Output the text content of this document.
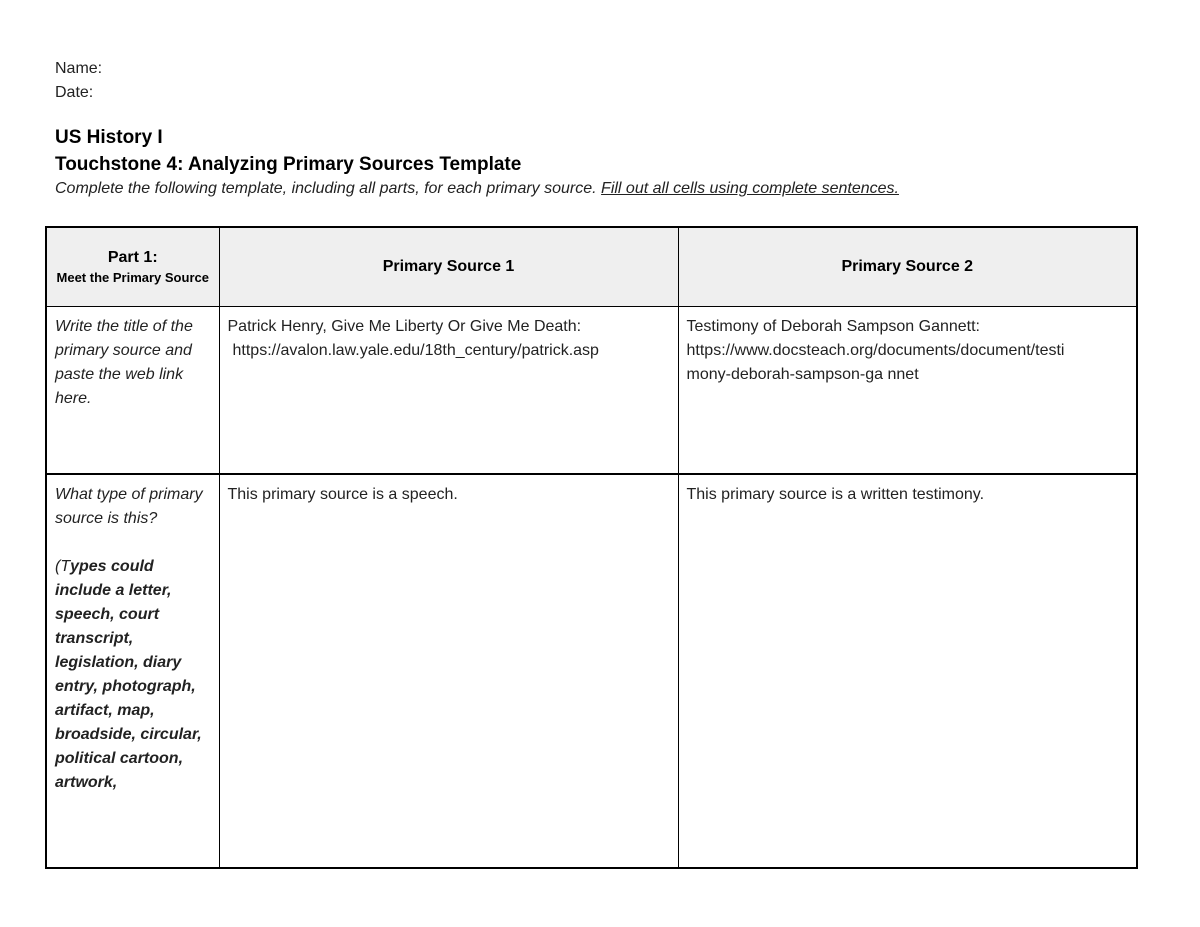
Name:
Date:

US History I

Touchstone 4: Analyzing Primary Sources Template

Complete the following template, including all parts, for each primary source. Fill out all cells using complete sentences.

Part 1:
Meet the Primary Source	Primary Source 1	Primary Source 2
Write the title of the primary source and paste the web link here.	Patrick Henry, Give Me Liberty Or Give Me Death:
https://avalon.law.yale.edu/18th_century/patrick.asp	Testimony of Deborah Sampson Gannett:
https://www.docsteach.org/documents/document/testi
mony-deborah-sampson-ga nnet

What type of primary source is this?
(Types could include a letter, speech, court transcript, legislation, diary entry, photograph, artifact, map, broadside, circular, political cartoon, artwork,	This primary source is a speech.	This primary source is a written testimony.
